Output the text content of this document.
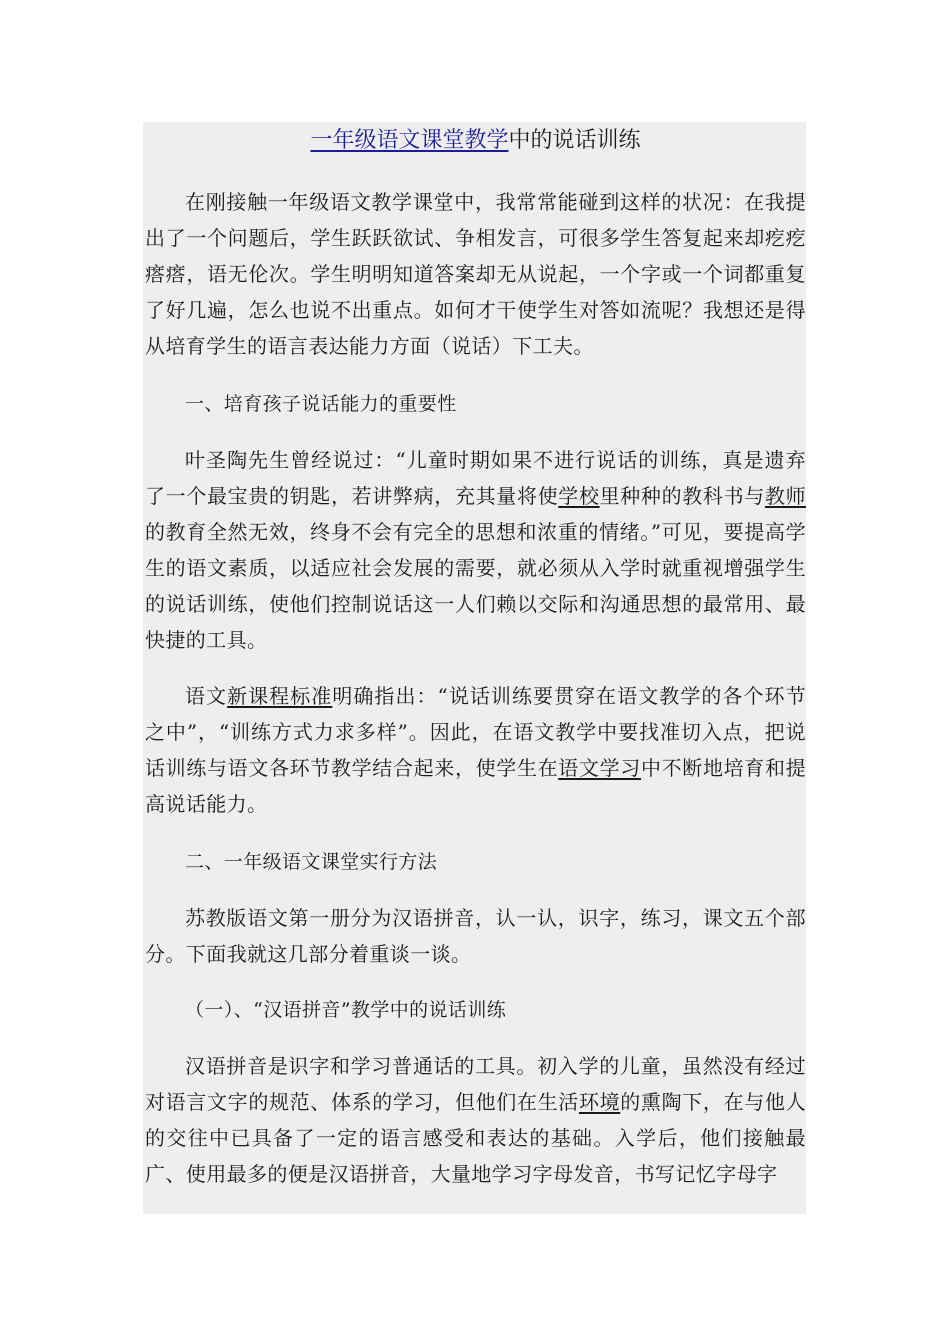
一年级语文课堂教学中的说话训练

在刚接触一年级语文教学课堂中，我常常能碰到这样的状况：在我提出了一个问题后，学生跃跃欲试、争相发言，可很多学生答复起来却疙疙瘩瘩，语无伦次。学生明明知道答案却无从说起，一个字或一个词都重复了好几遍，怎么也说不出重点。如何才干使学生对答如流呢？我想还是得从培育学生的语言表达能力方面（说话）下工夫。

一、培育孩子说话能力的重要性

叶圣陶先生曾经说过：“儿童时期如果不进行说话的训练，真是遗弃了一个最宝贵的钥匙，若讲弊病，充其量将使学校里种种的教科书与教师的教育全然无效，终身不会有完全的思想和浓重的情绪。”可见，要提高学生的语文素质，以适应社会发展的需要，就必须从入学时就重视增强学生的说话训练，使他们控制说话这一人们赖以交际和沟通思想的最常用、最快捷的工具。

语文新课程标准明确指出：“说话训练要贯穿在语文教学的各个环节之中”，“训练方式力求多样”。因此，在语文教学中要找准切入点，把说话训练与语文各环节教学结合起来，使学生在语文学习中不断地培育和提高说话能力。

二、一年级语文课堂实行方法

苏教版语文第一册分为汉语拼音，认一认，识字，练习，课文五个部分。下面我就这几部分着重谈一谈。

（一）、“汉语拼音”教学中的说话训练

汉语拼音是识字和学习普通话的工具。初入学的儿童，虽然没有经过对语言文字的规范、体系的学习，但他们在生活环境的熏陶下，在与他人的交往中已具备了一定的语言感受和表达的基础。入学后，他们接触最广、使用最多的便是汉语拼音，大量地学习字母发音，书写记忆字母字
